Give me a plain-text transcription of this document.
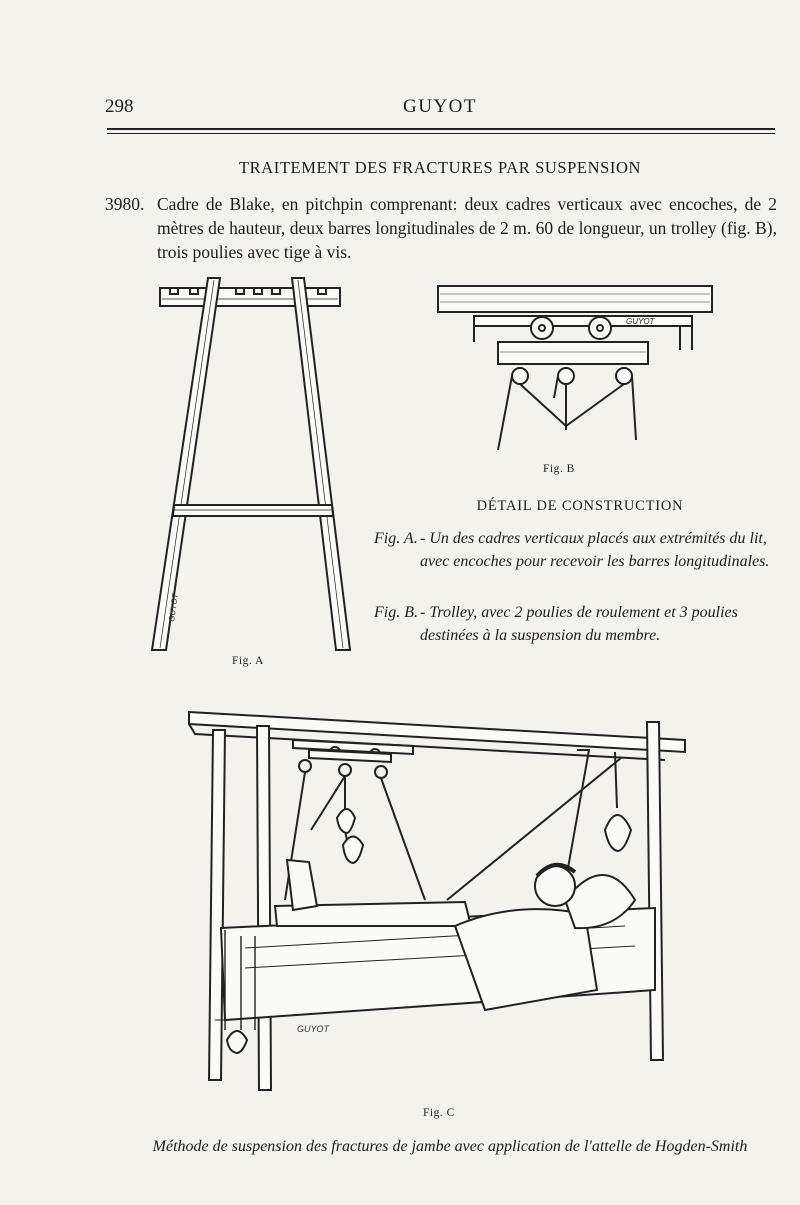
298	GUYOT
TRAITEMENT DES FRACTURES PAR SUSPENSION
3980. Cadre de Blake, en pitchpin comprenant: deux cadres verticaux avec encoches, de 2 mètres de hauteur, deux barres longitudinales de 2 m. 60 de longueur, un trolley (fig. B), trois poulies avec tige à vis.
GUYOT
Fig. A
GUYOT
Fig. B
DÉTAIL DE CONSTRUCTION
Fig. A. - Un des cadres verticaux placés aux extrémités du lit, avec encoches pour recevoir les barres longitudinales.
Fig. B. - Trolley, avec 2 poulies de roulement et 3 poulies destinées à la suspension du membre.
GUYOT
Fig. C
Méthode de suspension des fractures de jambe avec application de l'attelle de Hogden-Smith
